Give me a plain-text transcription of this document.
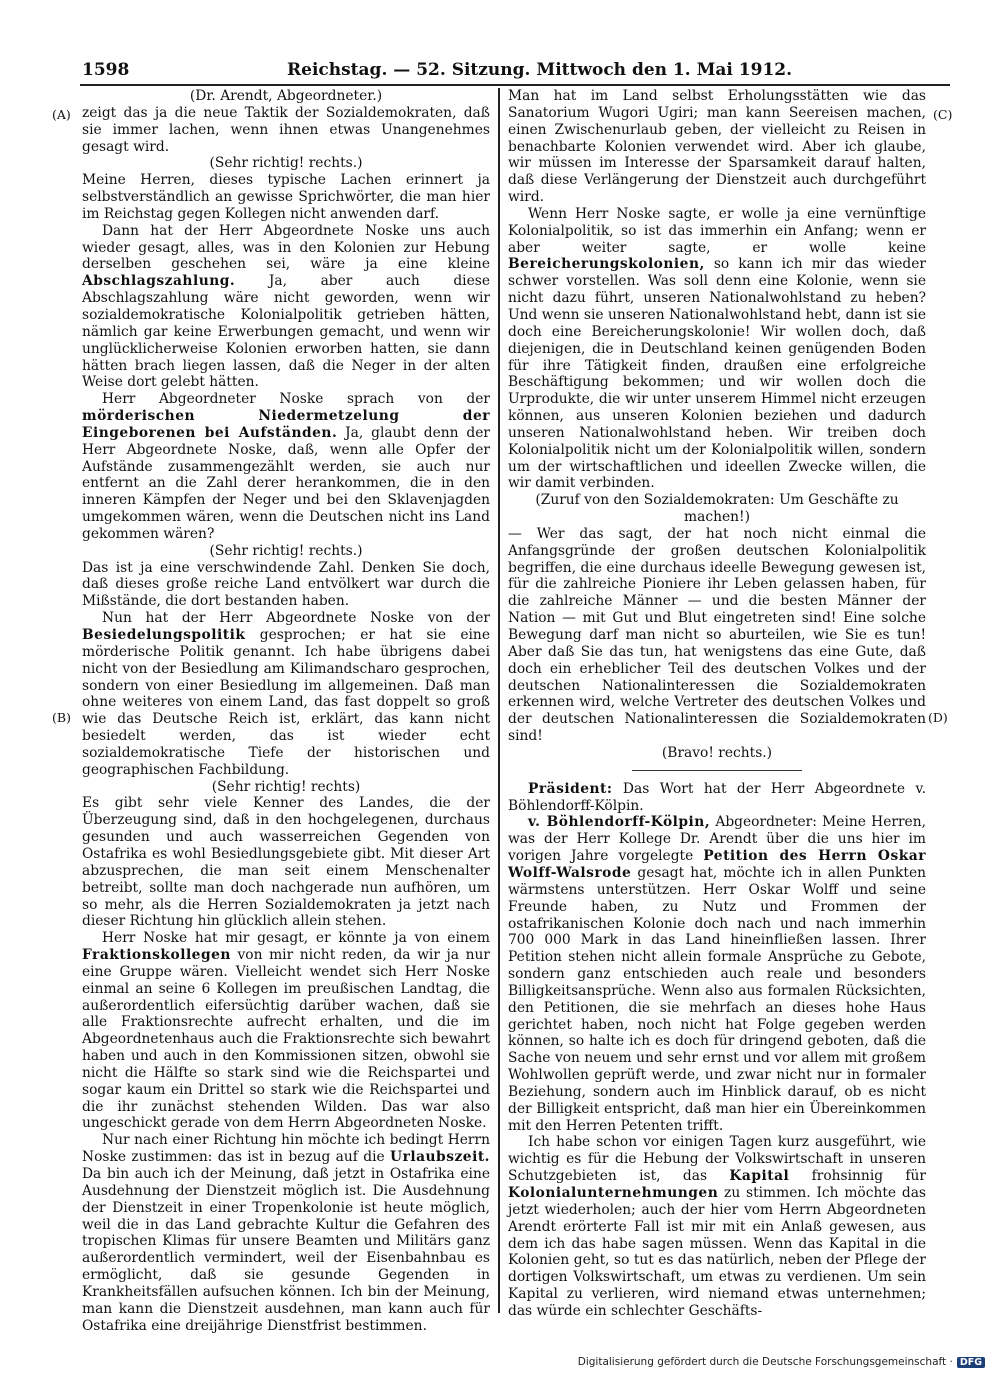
1598	Reichstag. — 52. Sitzung. Mittwoch den 1. Mai 1912.
(A)
(B)
(C)
(D)

(Dr. Arendt, Abgeordneter.)

zeigt das ja die neue Taktik der Sozialdemokraten, daß sie immer lachen, wenn ihnen etwas Unangenehmes gesagt wird.

(Sehr richtig! rechts.)

Meine Herren, dieses typische Lachen erinnert ja selbstverständlich an gewisse Sprichwörter, die man hier im Reichstag gegen Kollegen nicht anwenden darf.

Dann hat der Herr Abgeordnete Noske uns auch wieder gesagt, alles, was in den Kolonien zur Hebung derselben geschehen sei, wäre ja eine kleine Abschlagszahlung. Ja, aber auch diese Abschlagszahlung wäre nicht geworden, wenn wir sozialdemokratische Kolonialpolitik getrieben hätten, nämlich gar keine Erwerbungen gemacht, und wenn wir unglücklicherweise Kolonien erworben hatten, sie dann hätten brach liegen lassen, daß die Neger in der alten Weise dort gelebt hätten.

Herr Abgeordneter Noske sprach von der mörderischen Niedermetzelung der Eingeborenen bei Aufständen. Ja, glaubt denn der Herr Abgeordnete Noske, daß, wenn alle Opfer der Aufstände zusammengezählt werden, sie auch nur entfernt an die Zahl derer herankommen, die in den inneren Kämpfen der Neger und bei den Sklavenjagden umgekommen wären, wenn die Deutschen nicht ins Land gekommen wären?

(Sehr richtig! rechts.)

Das ist ja eine verschwindende Zahl. Denken Sie doch, daß dieses große reiche Land entvölkert war durch die Mißstände, die dort bestanden haben.

Nun hat der Herr Abgeordnete Noske von der Besiedelungspolitik gesprochen; er hat sie eine mörderische Politik genannt. Ich habe übrigens dabei nicht von der Besiedlung am Kilimandscharo gesprochen, sondern von einer Besiedlung im allgemeinen. Daß man ohne weiteres von einem Land, das fast doppelt so groß wie das Deutsche Reich ist, erklärt, das kann nicht besiedelt werden, das ist wieder echt sozialdemokratische Tiefe der historischen und geographischen Fachbildung.

(Sehr richtig! rechts)

Es gibt sehr viele Kenner des Landes, die der Überzeugung sind, daß in den hochgelegenen, durchaus gesunden und auch wasserreichen Gegenden von Ostafrika es wohl Besiedlungsgebiete gibt. Mit dieser Art abzusprechen, die man seit einem Menschenalter betreibt, sollte man doch nachgerade nun aufhören, um so mehr, als die Herren Sozialdemokraten ja jetzt nach dieser Richtung hin glücklich allein stehen.

Herr Noske hat mir gesagt, er könnte ja von einem Fraktionskollegen von mir nicht reden, da wir ja nur eine Gruppe wären. Vielleicht wendet sich Herr Noske einmal an seine 6 Kollegen im preußischen Landtag, die außerordentlich eifersüchtig darüber wachen, daß sie alle Fraktionsrechte aufrecht erhalten, und die im Abgeordnetenhaus auch die Fraktionsrechte sich bewahrt haben und auch in den Kommissionen sitzen, obwohl sie nicht die Hälfte so stark sind wie die Reichspartei und sogar kaum ein Drittel so stark wie die Reichspartei und die ihr zunächst stehenden Wilden. Das war also ungeschickt gerade von dem Herrn Abgeordneten Noske.

Nur nach einer Richtung hin möchte ich bedingt Herrn Noske zustimmen: das ist in bezug auf die Urlaubszeit. Da bin auch ich der Meinung, daß jetzt in Ostafrika eine Ausdehnung der Dienstzeit möglich ist. Die Ausdehnung der Dienstzeit in einer Tropenkolonie ist heute möglich, weil die in das Land gebrachte Kultur die Gefahren des tropischen Klimas für unsere Beamten und Militärs ganz außerordentlich vermindert, weil der Eisenbahnbau es ermöglicht, daß sie gesunde Gegenden in Krankheitsfällen aufsuchen können. Ich bin der Meinung, man kann die Dienstzeit ausdehnen, man kann auch für Ostafrika eine dreijährige Dienstfrist bestimmen.

Man hat im Land selbst Erholungsstätten wie das Sanatorium Wugori Ugiri; man kann Seereisen machen, einen Zwischenurlaub geben, der vielleicht zu Reisen in benachbarte Kolonien verwendet wird. Aber ich glaube, wir müssen im Interesse der Sparsamkeit darauf halten, daß diese Verlängerung der Dienstzeit auch durchgeführt wird.

Wenn Herr Noske sagte, er wolle ja eine vernünftige Kolonialpolitik, so ist das immerhin ein Anfang; wenn er aber weiter sagte, er wolle keine Bereicherungskolonien, so kann ich mir das wieder schwer vorstellen. Was soll denn eine Kolonie, wenn sie nicht dazu führt, unseren Nationalwohlstand zu heben? Und wenn sie unseren Nationalwohlstand hebt, dann ist sie doch eine Bereicherungskolonie! Wir wollen doch, daß diejenigen, die in Deutschland keinen genügenden Boden für ihre Tätigkeit finden, draußen eine erfolgreiche Beschäftigung bekommen; und wir wollen doch die Urprodukte, die wir unter unserem Himmel nicht erzeugen können, aus unseren Kolonien beziehen und dadurch unseren Nationalwohlstand heben. Wir treiben doch Kolonialpolitik nicht um der Kolonialpolitik willen, sondern um der wirtschaftlichen und ideellen Zwecke willen, die wir damit verbinden.

(Zuruf von den Sozialdemokraten: Um Geschäfte zu machen!)

— Wer das sagt, der hat noch nicht einmal die Anfangsgründe der großen deutschen Kolonialpolitik begriffen, die eine durchaus ideelle Bewegung gewesen ist, für die zahlreiche Pioniere ihr Leben gelassen haben, für die zahlreiche Männer — und die besten Männer der Nation — mit Gut und Blut eingetreten sind! Eine solche Bewegung darf man nicht so aburteilen, wie Sie es tun! Aber daß Sie das tun, hat wenigstens das eine Gute, daß doch ein erheblicher Teil des deutschen Volkes und der deutschen Nationalinteressen die Sozialdemokraten erkennen wird, welche Vertreter des deutschen Volkes und der deutschen Nationalinteressen die Sozialdemokraten sind!

(Bravo! rechts.)

Präsident: Das Wort hat der Herr Abgeordnete v. Böhlendorff-Kölpin.

v. Böhlendorff-Kölpin, Abgeordneter: Meine Herren, was der Herr Kollege Dr. Arendt über die uns hier im vorigen Jahre vorgelegte Petition des Herrn Oskar Wolff-Walsrode gesagt hat, möchte ich in allen Punkten wärmstens unterstützen. Herr Oskar Wolff und seine Freunde haben, zu Nutz und Frommen der ostafrikanischen Kolonie doch nach und nach immerhin 700 000 Mark in das Land hineinfließen lassen. Ihrer Petition stehen nicht allein formale Ansprüche zu Gebote, sondern ganz entschieden auch reale und besonders Billigkeitsansprüche. Wenn also aus formalen Rücksichten, den Petitionen, die sie mehrfach an dieses hohe Haus gerichtet haben, noch nicht hat Folge gegeben werden können, so halte ich es doch für dringend geboten, daß die Sache von neuem und sehr ernst und vor allem mit großem Wohlwollen geprüft werde, und zwar nicht nur in formaler Beziehung, sondern auch im Hinblick darauf, ob es nicht der Billigkeit entspricht, daß man hier ein Übereinkommen mit den Herren Petenten trifft.

Ich habe schon vor einigen Tagen kurz ausgeführt, wie wichtig es für die Hebung der Volkswirtschaft in unseren Schutzgebieten ist, das Kapital frohsinnig für Kolonialunternehmungen zu stimmen. Ich möchte das jetzt wiederholen; auch der hier vom Herrn Abgeordneten Arendt erörterte Fall ist mir mit ein Anlaß gewesen, aus dem ich das habe sagen müssen. Wenn das Kapital in die Kolonien geht, so tut es das natürlich, neben der Pflege der dortigen Volkswirtschaft, um etwas zu verdienen. Um sein Kapital zu verlieren, wird niemand etwas unternehmen; das würde ein schlechter Geschäfts-

Digitalisierung gefördert durch die Deutsche Forschungsgemeinschaft · DFG
